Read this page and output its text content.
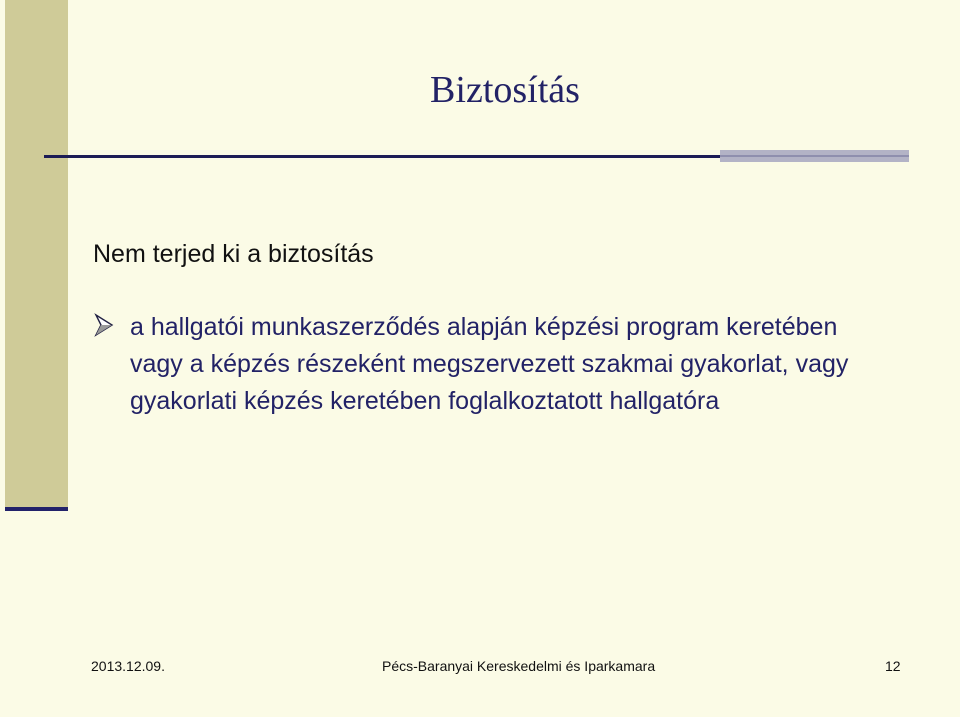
Biztosítás
Nem terjed ki a biztosítás
a hallgatói munkaszerződés alapján képzési program keretében vagy a képzés részeként megszervezett szakmai gyakorlat, vagy gyakorlati képzés keretében foglalkoztatott hallgatóra
2013.12.09.	Pécs-Baranyai Kereskedelmi és Iparkamara	12
